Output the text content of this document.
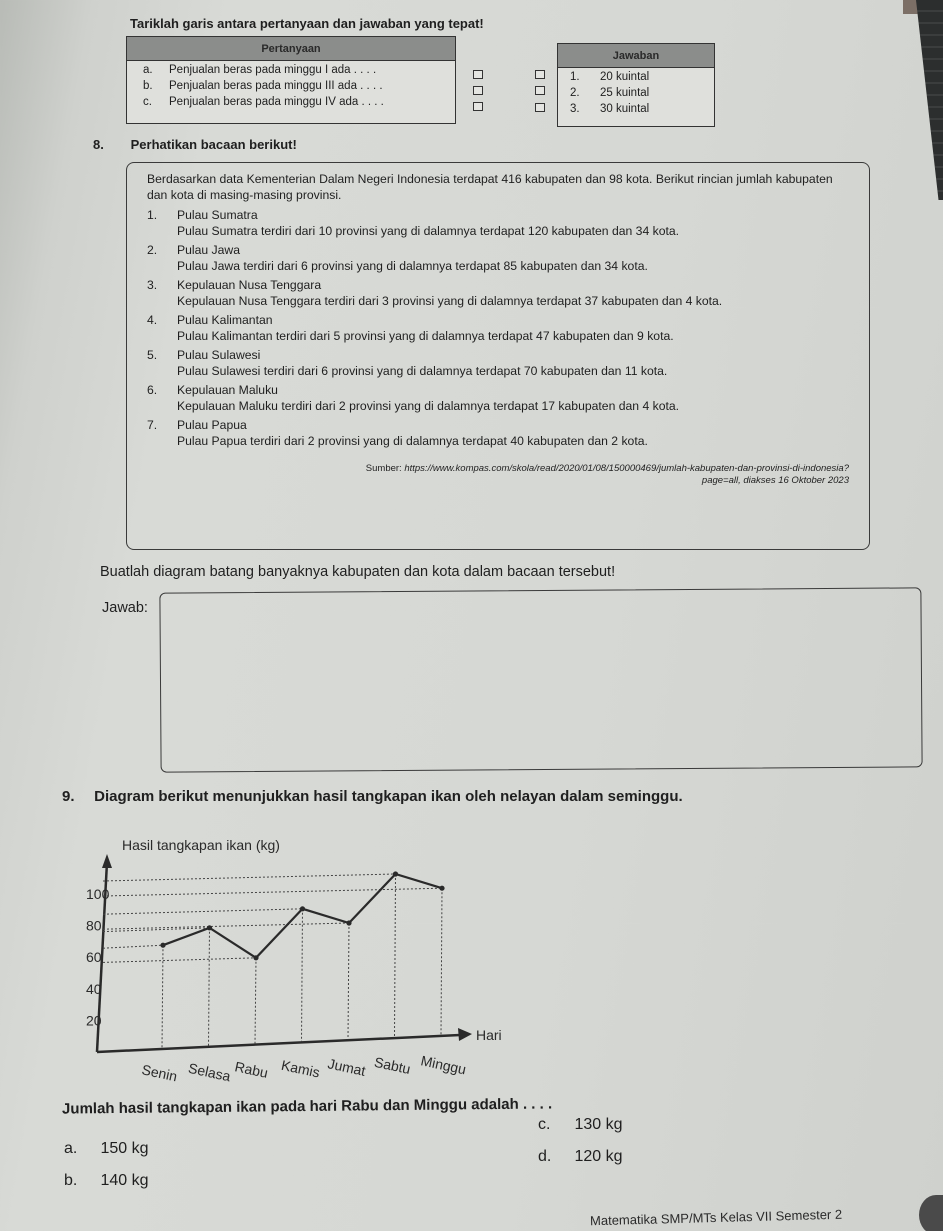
Tariklah garis antara pertanyaan dan jawaban yang tepat!
Pertanyaan
a.	Penjualan beras pada minggu I ada . . . .
b.	Penjualan beras pada minggu III ada . . . .
c.	Penjualan beras pada minggu IV ada . . . .
Jawaban
1.	20 kuintal
2.	25 kuintal
3.	30 kuintal
8. Perhatikan bacaan berikut!
Berdasarkan data Kementerian Dalam Negeri Indonesia terdapat 416 kabupaten dan 98 kota. Berikut rincian jumlah kabupaten dan kota di masing-masing provinsi.
1.	Pulau Sumatra
Pulau Sumatra terdiri dari 10 provinsi yang di dalamnya terdapat 120 kabupaten dan 34 kota.
2.	Pulau Jawa
Pulau Jawa terdiri dari 6 provinsi yang di dalamnya terdapat 85 kabupaten dan 34 kota.
3.	Kepulauan Nusa Tenggara
Kepulauan Nusa Tenggara terdiri dari 3 provinsi yang di dalamnya terdapat 37 kabupaten dan 4 kota.
4.	Pulau Kalimantan
Pulau Kalimantan terdiri dari 5 provinsi yang di dalamnya terdapat 47 kabupaten dan 9 kota.
5.	Pulau Sulawesi
Pulau Sulawesi terdiri dari 6 provinsi yang di dalamnya terdapat 70 kabupaten dan 11 kota.
6.	Kepulauan Maluku
Kepulauan Maluku terdiri dari 2 provinsi yang di dalamnya terdapat 17 kabupaten dan 4 kota.
7.	Pulau Papua
Pulau Papua terdiri dari 2 provinsi yang di dalamnya terdapat 40 kabupaten dan 2 kota.
Sumber: https://www.kompas.com/skola/read/2020/01/08/150000469/jumlah-kabupaten-dan-provinsi-di-indonesia?
page=all, diakses 16 Oktober 2023
Buatlah diagram batang banyaknya kabupaten dan kota dalam bacaan tersebut!
Jawab:
9. Diagram berikut menunjukkan hasil tangkapan ikan oleh nelayan dalam seminggu.
Hasil tangkapan ikan (kg)
Hari
20
40
60
80
100
Senin Selasa Rabu Kamis Jumat Sabtu Minggu
Jumlah hasil tangkapan ikan pada hari Rabu dan Minggu adalah . . . .
a. 150 kg
b. 140 kg
c. 130 kg
d. 120 kg
Matematika SMP/MTs Kelas VII Semester 2
